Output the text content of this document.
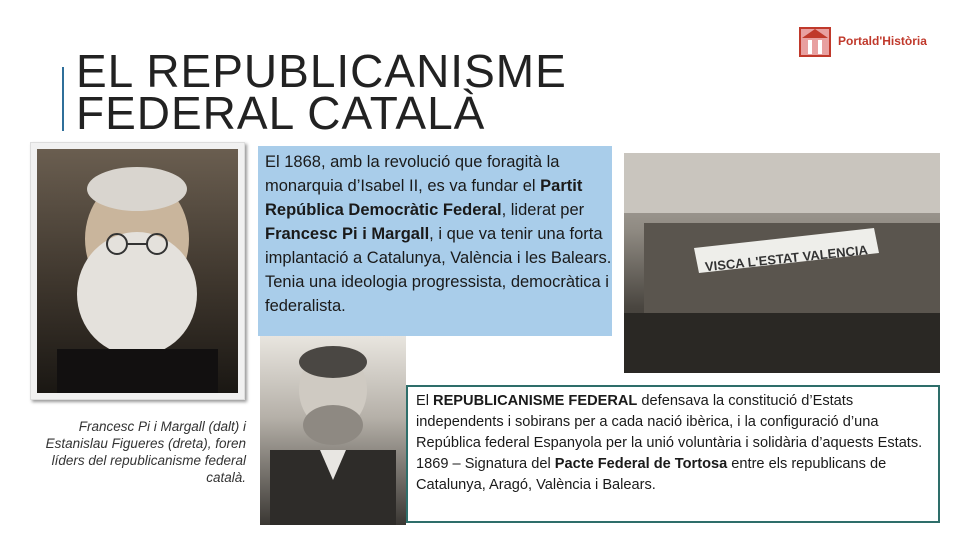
EL REPUBLICANISME
FEDERAL CATALÀ
Portald'Història
Francesc Pi i Margall (dalt) i Estanislau Figueres (dreta), foren líders del republicanisme federal català.
VISCA L'ESTAT VALENCIA
El 1868, amb la revolució que foragità la monarquia d’Isabel II, es va fundar el Partit República Democràtic Federal, liderat per Francesc Pi i Margall, i que va tenir una forta implantació a Catalunya, València i les Balears. Tenia una ideologia progressista, democràtica i federalista.
El REPUBLICANISME FEDERAL defensava la constitució d’Estats independents i sobirans per a cada nació ibèrica, i la configuració d’una República federal Espanyola per la unió voluntària i solidària d’aquests Estats.
1869 – Signatura del Pacte Federal de Tortosa entre els republicans de Catalunya, Aragó, València i Balears.
